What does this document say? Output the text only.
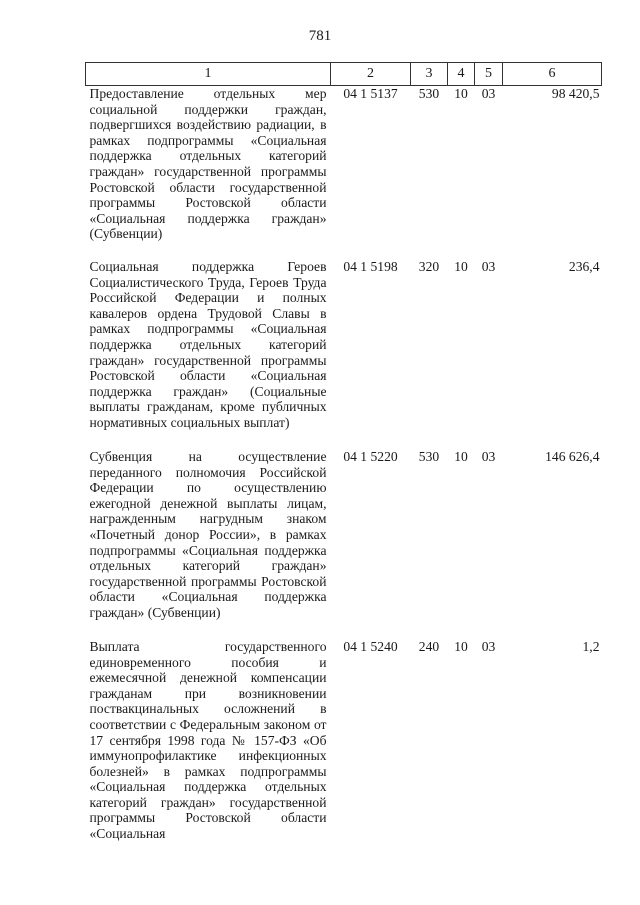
781
1	2	3	4	5	6
Предоставление отдельных мер социальной поддержки граждан, подвергшихся воздействию радиации, в рамках подпрограммы «Социальная поддержка отдельных категорий граждан» государственной программы Ростовской области государственной программы Ростовской области «Социальная поддержка граждан» (Субвенции)	04 1 5137	530	10	03	98 420,5
Социальная поддержка Героев Социалистического Труда, Героев Труда Российской Федерации и полных кавалеров ордена Трудовой Славы в рамках подпрограммы «Социальная поддержка отдельных категорий граждан» государственной программы Ростовской области «Социальная поддержка граждан» (Социальные выплаты гражданам, кроме публичных нормативных социальных выплат)	04 1 5198	320	10	03	236,4
Субвенция на осуществление переданного полномочия Российской Федерации по осуществлению ежегодной денежной выплаты лицам, награжденным нагрудным знаком «Почетный донор России», в рамках подпрограммы «Социальная поддержка отдельных категорий граждан» государственной программы Ростовской области «Социальная поддержка граждан» (Субвенции)	04 1 5220	530	10	03	146 626,4
Выплата государственного единовременного пособия и ежемесячной денежной компенсации гражданам при возникновении поствакцинальных осложнений в соответствии с Федеральным законом от 17 сентября 1998 года № 157-ФЗ «Об иммунопрофилактике инфекционных болезней» в рамках подпрограммы «Социальная поддержка отдельных категорий граждан» государственной программы Ростовской области «Социальная	04 1 5240	240	10	03	1,2
